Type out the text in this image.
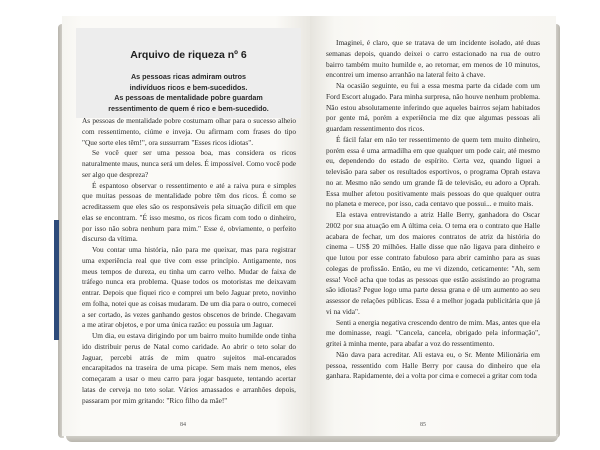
Arquivo de riqueza nº 6
As pessoas ricas admiram outros
indivíduos ricos e bem-sucedidos.
As pessoas de mentalidade pobre guardam
ressentimento de quem é rico e bem-sucedido.

As pessoas de mentalidade pobre costumam olhar para o sucesso alheio com ressentimento, ciúme e inveja. Ou afirmam com frases do tipo "Que sorte eles têm!", ora sussurram "Esses ricos idiotas".

Se você quer ser uma pessoa boa, mas considera os ricos naturalmente maus, nunca será um deles. É impossível. Como você pode ser algo que despreza?

É espantoso observar o ressentimento e até a raiva pura e simples que muitas pessoas de mentalidade pobre têm dos ricos. É como se acreditassem que eles são os responsáveis pela situação difícil em que elas se encontram. "É isso mesmo, os ricos ficam com todo o dinheiro, por isso não sobra nenhum para mim." Esse é, obviamente, o perfeito discurso da vítima.

Vou contar uma história, não para me queixar, mas para registrar uma experiência real que tive com esse princípio. Antigamente, nos meus tempos de dureza, eu tinha um carro velho. Mudar de faixa de tráfego nunca era problema. Quase todos os motoristas me deixavam entrar. Depois que fiquei rico e comprei um belo Jaguar preto, novinho em folha, notei que as coisas mudaram. De um dia para o outro, comecei a ser cortado, às vezes ganhando gestos obscenos de brinde. Chegavam a me atirar objetos, e por uma única razão: eu possuía um Jaguar.

Um dia, eu estava dirigindo por um bairro muito humilde onde tinha ido distribuir perus de Natal como caridade. Ao abrir o teto solar do Jaguar, percebi atrás de mim quatro sujeitos mal-encarados encarapitados na traseira de uma picape. Sem mais nem menos, eles começaram a usar o meu carro para jogar basquete, tentando acertar latas de cerveja no teto solar. Vários amassados e arranhões depois, passaram por mim gritando: "Rico filho da mãe!"

84

Imaginei, é claro, que se tratava de um incidente isolado, até duas semanas depois, quando deixei o carro estacionado na rua de outro bairro também muito humilde e, ao retornar, em menos de 10 minutos, encontrei um imenso arranhão na lateral feito à chave.

Na ocasião seguinte, eu fui a essa mesma parte da cidade com um Ford Escort alugado. Para minha surpresa, não houve nenhum problema. Não estou absolutamente inferindo que aqueles bairros sejam habitados por gente má, porém a experiência me diz que algumas pessoas ali guardam ressentimento dos ricos.

É fácil falar em não ter ressentimento de quem tem muito dinheiro, porém essa é uma armadilha em que qualquer um pode cair, até mesmo eu, dependendo do estado de espírito. Certa vez, quando liguei a televisão para saber os resultados esportivos, o programa Oprah estava no ar. Mesmo não sendo um grande fã de televisão, eu adoro a Oprah. Essa mulher afetou positivamente mais pessoas do que qualquer outra no planeta e merece, por isso, cada centavo que possui... e muito mais.

Ela estava entrevistando a atriz Halle Berry, ganhadora do Oscar 2002 por sua atuação em A última ceia. O tema era o contrato que Halle acabara de fechar, um dos maiores contratos de atriz da história do cinema – US$ 20 milhões. Halle disse que não ligava para dinheiro e que lutou por esse contrato fabuloso para abrir caminho para as suas colegas de profissão. Então, eu me vi dizendo, ceticamente: "Ah, sem essa! Você acha que todas as pessoas que estão assistindo ao programa são idiotas? Pegue logo uma parte dessa grana e dê um aumento ao seu assessor de relações públicas. Essa é a melhor jogada publicitária que já vi na vida".

Senti a energia negativa crescendo dentro de mim. Mas, antes que ela me dominasse, reagi. "Cancela, cancela, obrigado pela informação", gritei à minha mente, para abafar a voz do ressentimento.

Não dava para acreditar. Ali estava eu, o Sr. Mente Milionária em pessoa, ressentido com Halle Berry por causa do dinheiro que ela ganhara. Rapidamente, dei a volta por cima e comecei a gritar com toda

85
